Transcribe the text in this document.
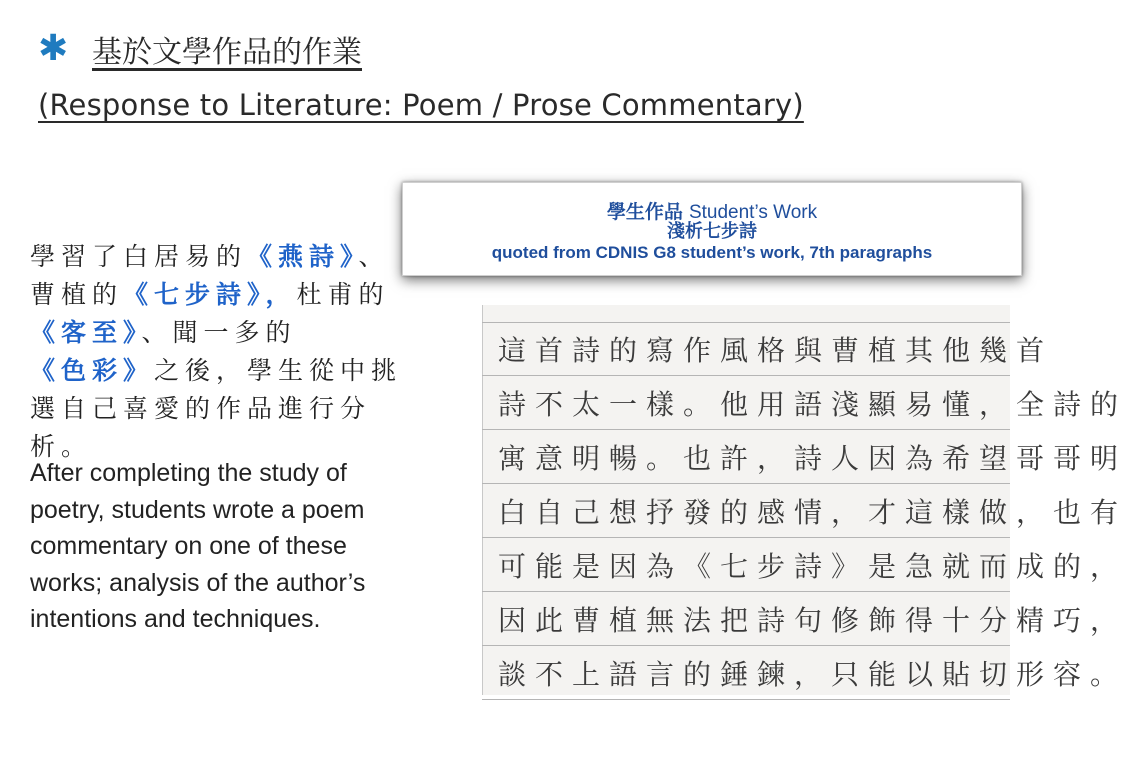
✱ 基於文學作品的作業
(Response to Literature: Poem / Prose Commentary)
學習了白居易的《燕詩》、曹植的《七步詩》，杜甫的《客至》、聞一多的《色彩》之後，學生從中挑選自己喜愛的作品進行分析。
After completing the study of poetry, students wrote a poem commentary on one of these works; analysis of the author’s intentions and techniques.
這首詩的寫作風格與曹植其他幾首
詩不太一樣。他用語淺顯易懂，全詩的
寓意明暢。也許，詩人因為希望哥哥明
白自己想抒發的感情，才這樣做，也有
可能是因為《七步詩》是急就而成的，
因此曹植無法把詩句修飾得十分精巧，
談不上語言的錘鍊，只能以貼切形容。
學生作品 Student’s Work
淺析七步詩
quoted from CDNIS G8 student’s work, 7th paragraphs
